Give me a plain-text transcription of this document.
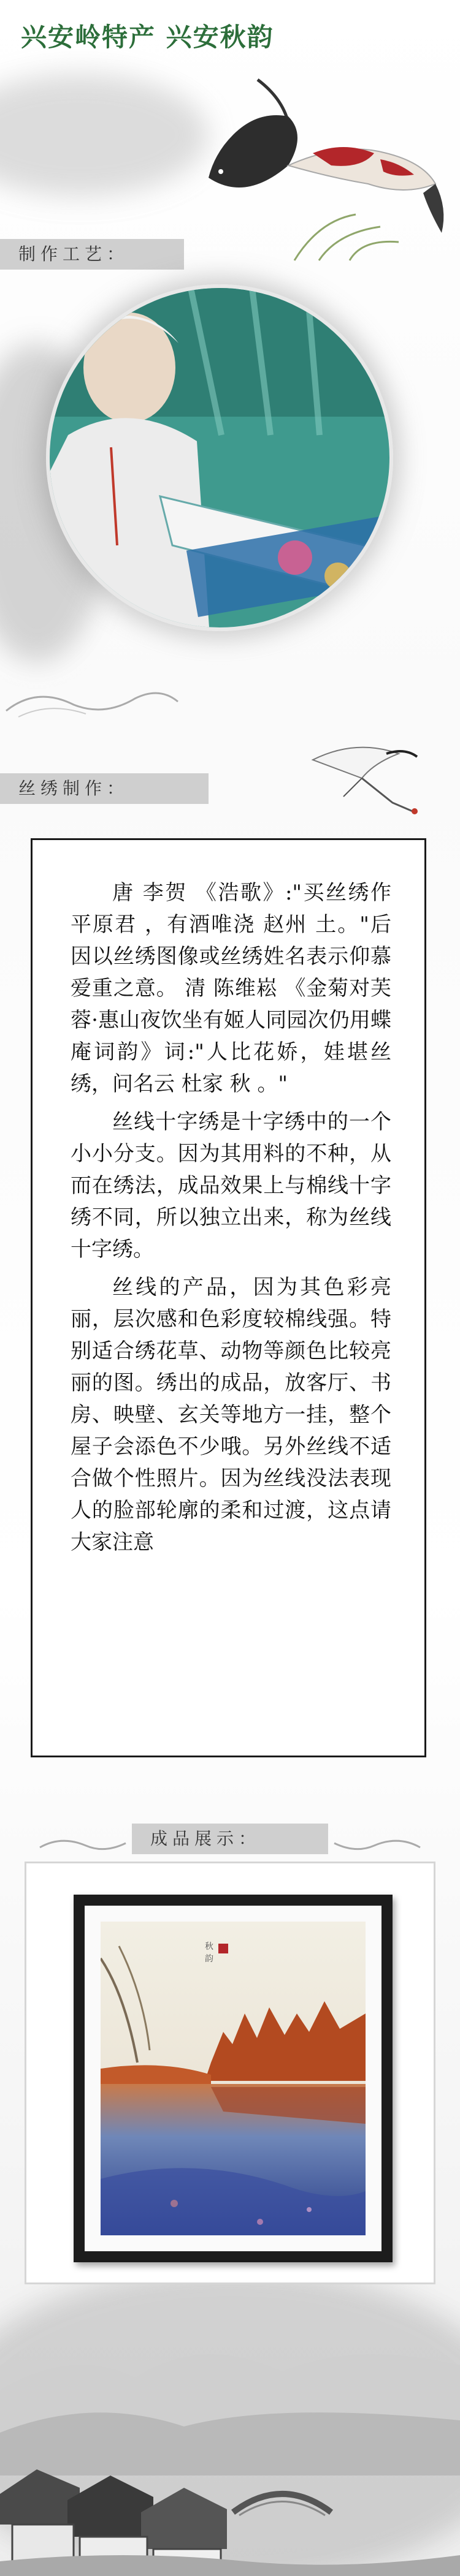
兴安岭特产 兴安秋韵
制作工艺：
丝绣制作：

唐 李贺 《浩歌》:"买丝绣作 平原君 ，有酒唯浇 赵州 土。"后因以丝绣图像或丝绣姓名表示仰慕爱重之意。 清 陈维崧 《金菊对芙蓉·惠山夜饮坐有姬人同园次仍用蝶庵词韵》词:"人比花娇，娃堪丝绣，问名云 杜家 秋 。"

丝线十字绣是十字绣中的一个小小分支。因为其用料的不种，从而在绣法，成品效果上与棉线十字绣不同，所以独立出来，称为丝线十字绣。

丝线的产品，因为其色彩亮丽，层次感和色彩度较棉线强。特别适合绣花草、动物等颜色比较亮丽的图。绣出的成品，放客厅、书房、映壁、玄关等地方一挂，整个屋子会添色不少哦。另外丝线不适合做个性照片。因为丝线没法表现人的脸部轮廓的柔和过渡，这点请大家注意

成品展示：
秋
韵
